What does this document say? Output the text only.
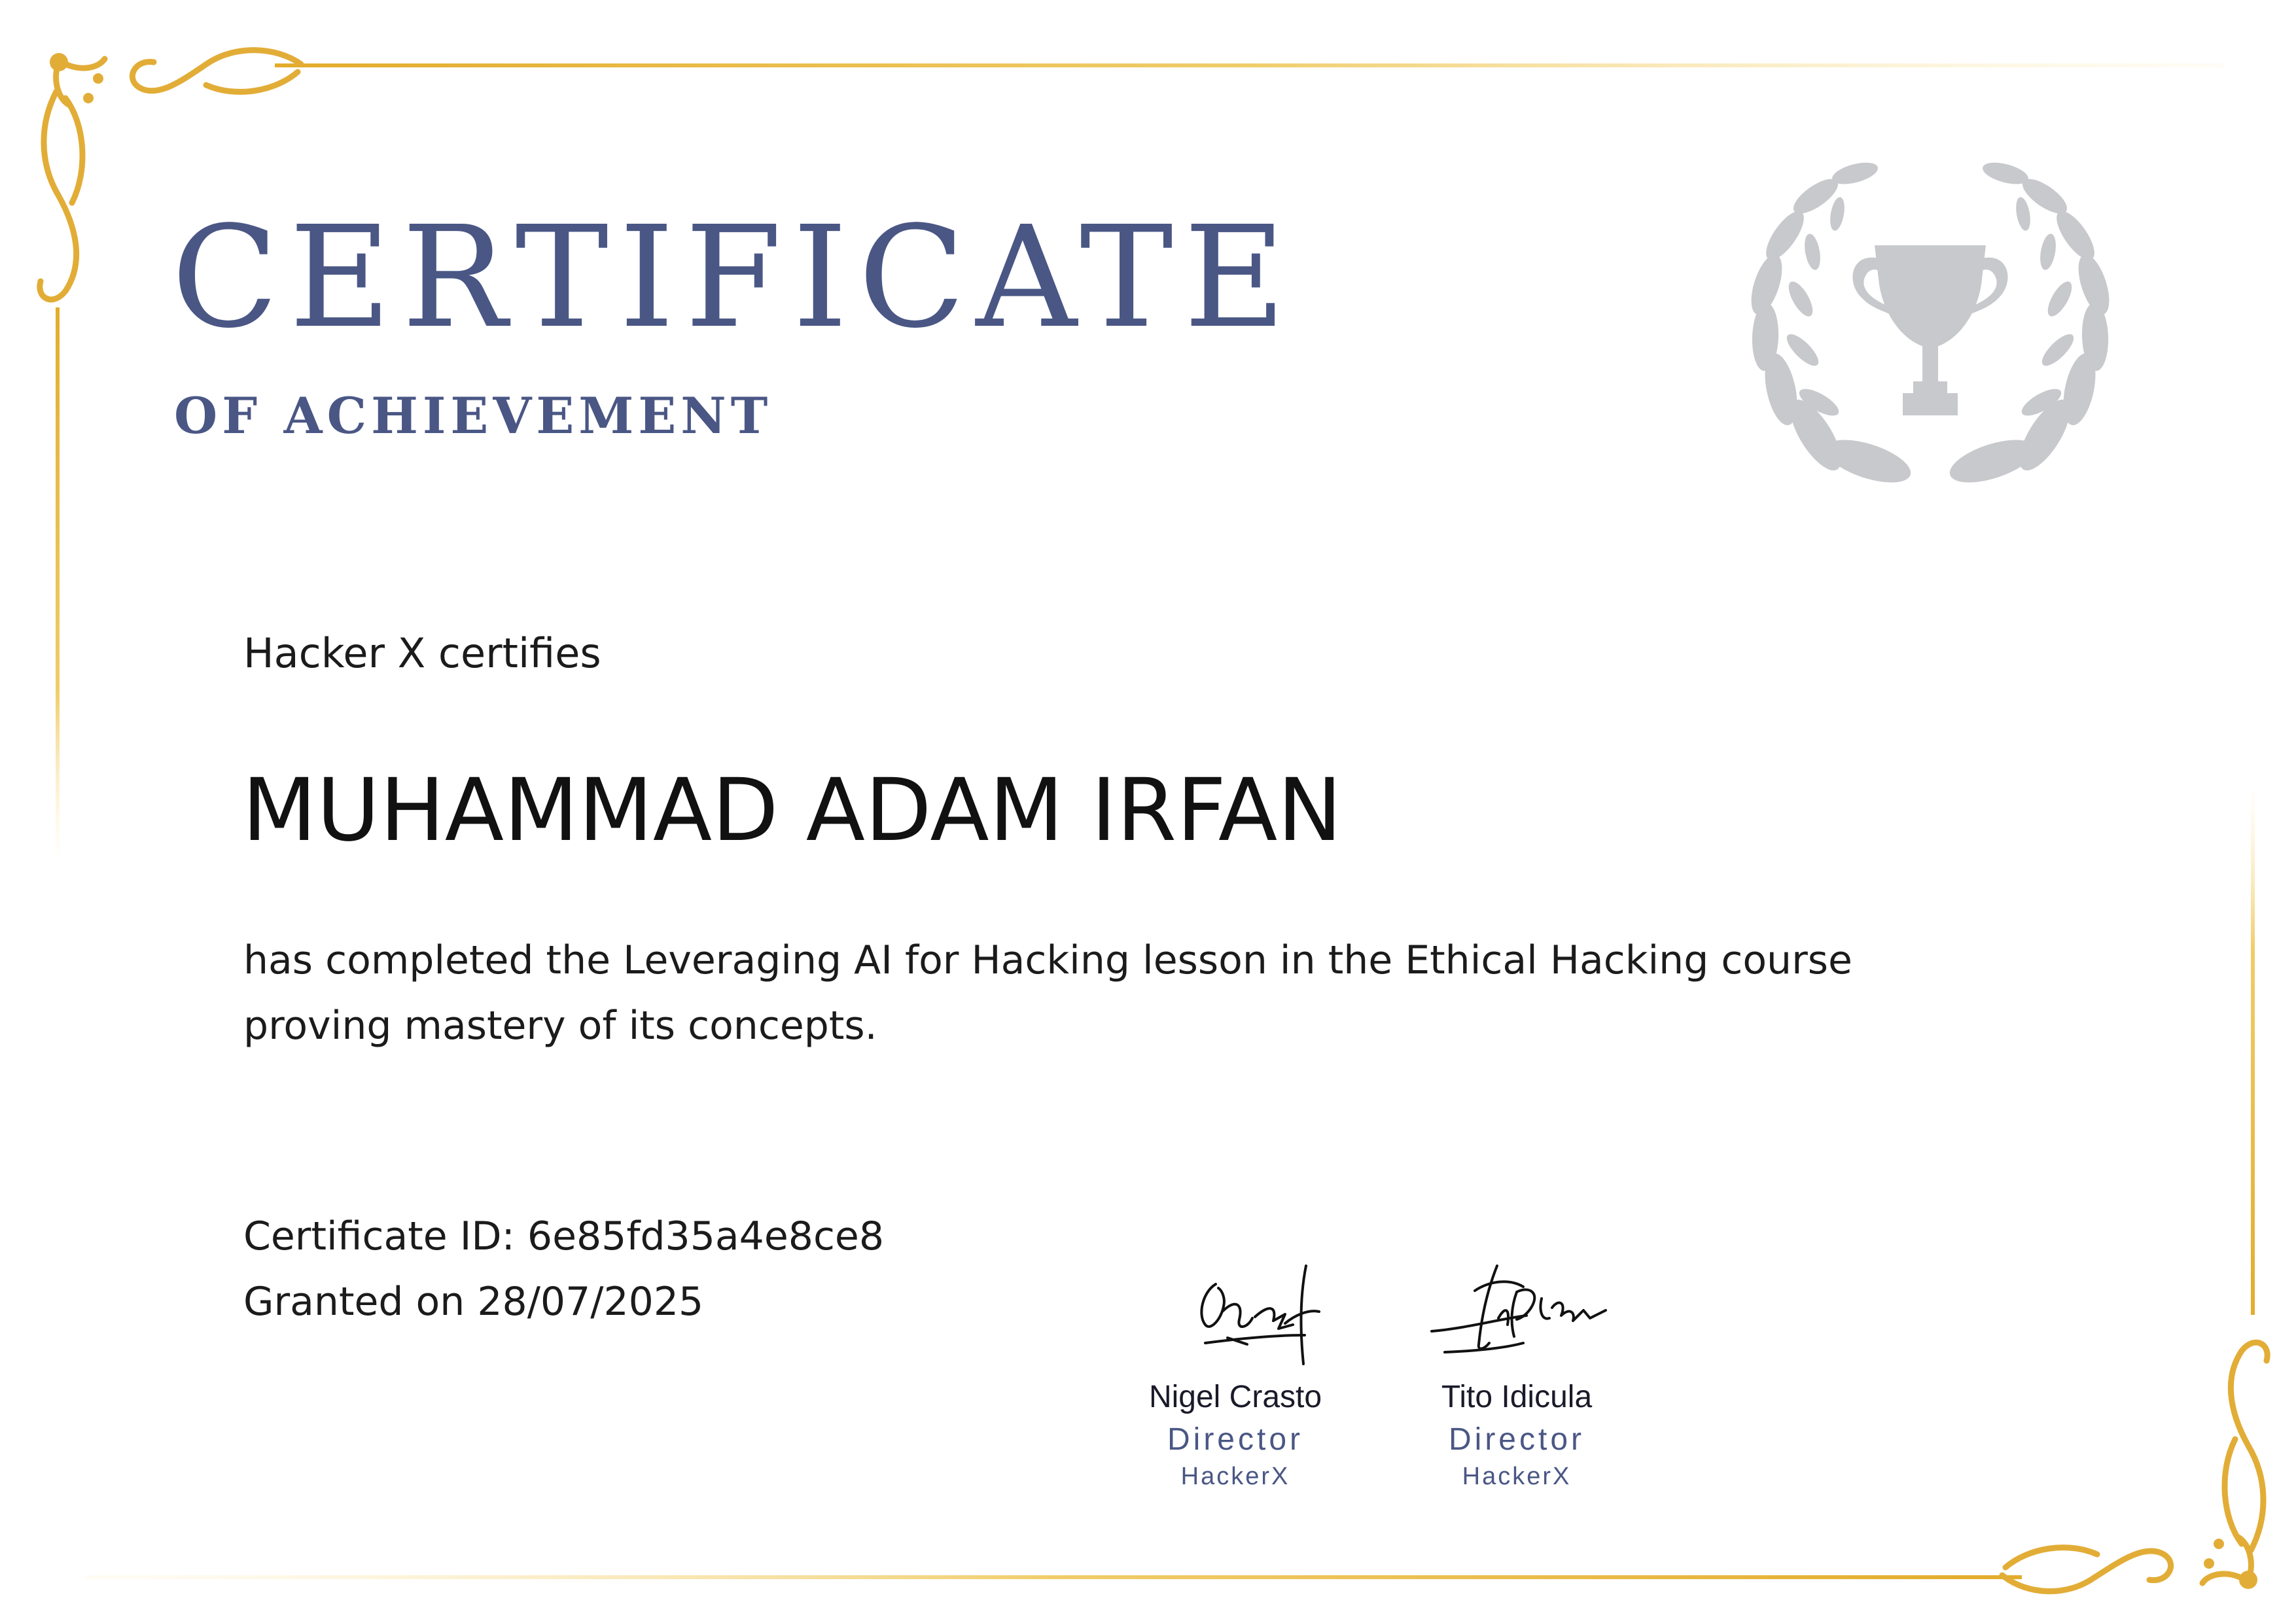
CERTIFICATE
OF ACHIEVEMENT

Hacker X certifies

MUHAMMAD ADAM IRFAN

has completed the Leveraging AI for Hacking lesson in the Ethical Hacking course
proving mastery of its concepts.

Certificate ID: 6e85fd35a4e8ce8
Granted on 28/07/2025
Nigel Crasto
Director
HackerX
Tito Idicula
Director
HackerX
